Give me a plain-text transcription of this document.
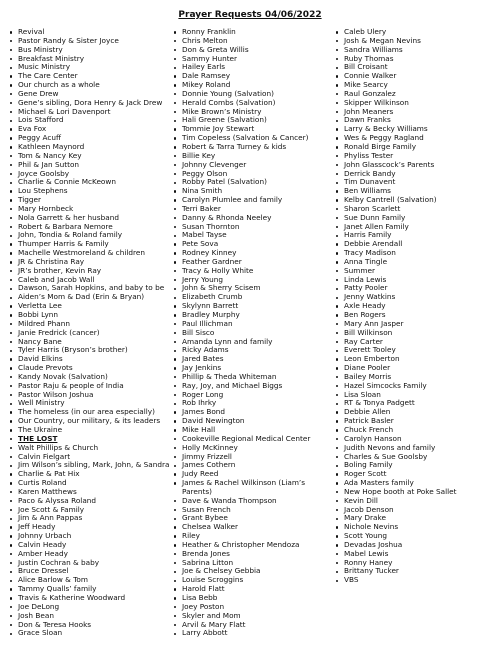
Prayer Requests 04/06/2022
Revival
Pastor Randy & Sister Joyce
Bus Ministry
Breakfast Ministry
Music Ministry
The Care Center
Our church as a whole
Gene Drew
Gene’s sibling, Dora Henry & Jack Drew
Michael & Lori Davenport
Lois Stafford
Eva Fox
Peggy Acuff
Kathleen Maynord
Tom & Nancy Key
Phil & Jan Sutton
Joyce Goolsby
Charlie & Connie McKeown
Lou Stephens
Tigger
Mary Hornbeck
Nola Garrett & her husband
Robert & Barbara Nemore
John, Tondia & Roland family
Thumper Harris & Family
Machelle Westmoreland & children
JR & Christina Ray
JR’s brother, Kevin Ray
Caleb and Jacob Wall
Dawson, Sarah Hopkins, and baby to be
Aiden’s Mom & Dad (Erin & Bryan)
Verletta Lee
Bobbi Lynn
Mildred Phann
Janie Fredrick (cancer)
Nancy Bane
Tyler Harris (Bryson’s brother)
David Elkins
Claude Prevots
Kandy Novak (Salvation)
Pastor Raju & people of India
Pastor Wilson Joshua
Well Ministry
The homeless (in our area especially)
Our Country, our military, & its leaders
The Ukraine
THE LOST
Walt Phillips & Church
Calvin Fielgart
Jim Wilson’s sibling, Mark, John, & Sandra
Charlie & Pat Hix
Curtis Roland
Karen Matthews
Paco & Alyssa Roland
Joe Scott & Family
Jim & Ann Pappas
Jeff Heady
Johnny Urbach
Calvin Heady
Amber Heady
Justin Cochran & baby
Bruce Dressel
Alice Barlow & Tom
Tammy Qualls’ family
Travis & Katherine Woodward
Joe DeLong
Josh Bean
Don & Teresa Hooks
Grace Sloan
Ronny Franklin
Chris Melton
Don & Greta Willis
Sammy Hunter
Hailey Earls
Dale Ramsey
Mikey Roland
Donnie Young (Salvation)
Herald Combs (Salvation)
Mike Brown’s Ministry
Hali Greene (Salvation)
Tommie Joy Stewart
Tim Copeless (Salvation & Cancer)
Robert & Tarra Turney & kids
Billie Key
Johnny Clevenger
Peggy Olson
Robby Patel (Salvation)
Nina Smith
Carolyn Plumlee and family
Terri Baker
Danny & Rhonda Neeley
Susan Thornton
Mabel Tayse
Pete Sova
Rodney Kinney
Feather Gardner
Tracy & Holly White
Jerry Young
John & Sherry Scisem
Elizabeth Crumb
Skylynn Barrett
Bradley Murphy
Paul Illichman
Bill Sisco
Amanda Lynn and family
Ricky Adams
Jared Bates
Jay Jenkins
Phillip & Theda Whiteman
Ray, Joy, and Michael Biggs
Roger Long
Rob Ihrky
James Bond
David Newington
Mike Hall
Cookeville Regional Medical Center
Holly McKinney
Jimmy Frizzell
James Cothern
Judy Reed
James & Rachel Wilkinson (Liam’s
Parents)
Dave & Wanda Thompson
Susan French
Grant Bybee
Chelsea Walker
Riley
Heather & Christopher Mendoza
Brenda Jones
Sabrina Litton
Joe & Chelsey Gebbia
Louise Scroggins
Harold Flatt
Lisa Bebb
Joey Poston
Skyler and Mom
Arvil & Mary Flatt
Larry Abbott
Caleb Ulery
Josh & Megan Nevins
Sandra Williams
Ruby Thomas
Bill Croisant
Connie Walker
Mike Searcy
Raul Gonzalez
Skipper Wilkinson
John Meaners
Dawn Franks
Larry & Becky Williams
Wes & Peggy Ragland
Ronald Birge Family
Phyliss Tester
John Glasscock’s Parents
Derrick Bandy
Tim Dunavent
Ben Williams
Kelby Cantrell (Salvation)
Sharon Scarlett
Sue Dunn Family
Janet Allen Family
Harris Family
Debbie Arendall
Tracy Madison
Anna Tingle
Summer
Linda Lewis
Patty Pooler
Jenny Watkins
Axle Heady
Ben Rogers
Mary Ann Jasper
Bill Wilkinson
Ray Carter
Everett Tooley
Leon Emberton
Diane Pooler
Bailey Morris
Hazel Simcocks Family
Lisa Sloan
RT & Tonya Padgett
Debbie Allen
Patrick Basler
Chuck French
Carolyn Hanson
Judith Nevons and family
Charles & Sue Goolsby
Boling Family
Roger Scott
Ada Masters family
New Hope booth at Poke Sallet
Kevin Dill
Jacob Denson
Mary Drake
Nichole Nevins
Scott Young
Devadas Joshua
Mabel Lewis
Ronny Haney
Brittany Tucker
VBS
